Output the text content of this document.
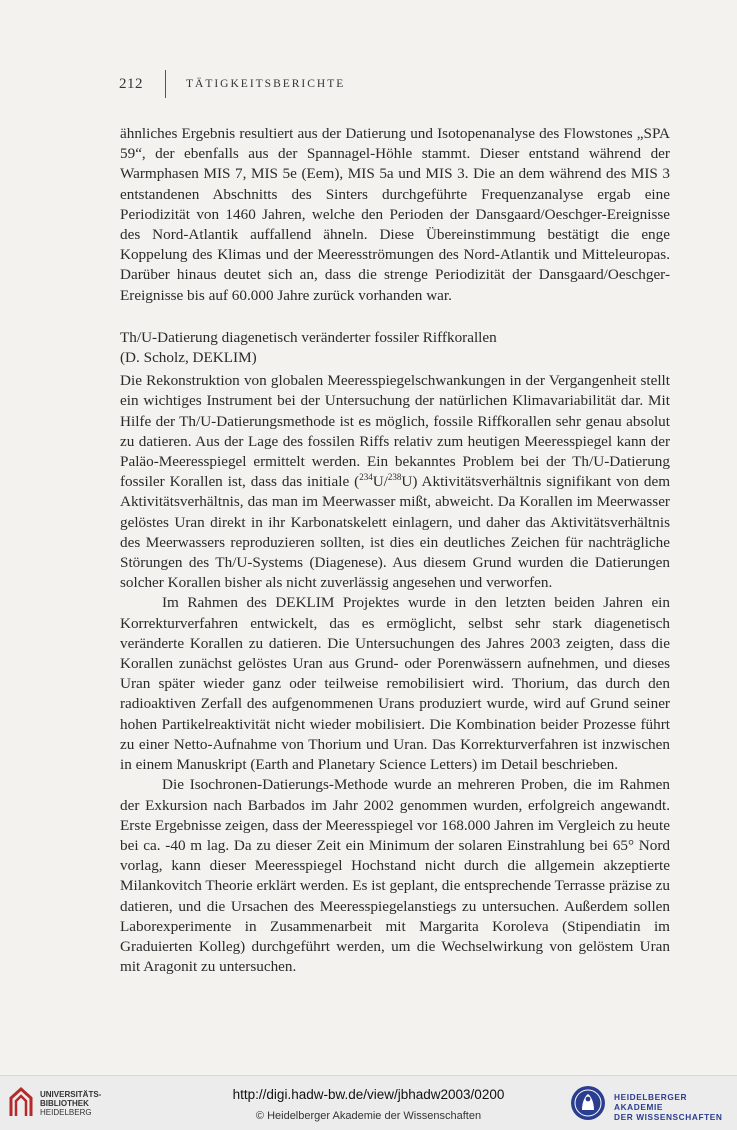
212	TÄTIGKEITSBERICHTE

ähnliches Ergebnis resultiert aus der Datierung und Isotopenanalyse des Flowstones „SPA 59“, der ebenfalls aus der Spannagel-Höhle stammt. Dieser entstand während der Warmphasen MIS 7, MIS 5e (Eem), MIS 5a und MIS 3. Die an dem während des MIS 3 entstandenen Abschnitts des Sinters durchgeführte Frequenzanalyse ergab eine Periodizität von 1460 Jahren, welche den Perioden der Dansgaard/Oeschger-Ereignisse des Nord-Atlantik auffallend ähneln. Diese Übereinstimmung bestätigt die enge Koppelung des Klimas und der Meeresströmungen des Nord-Atlantik und Mitteleuropas. Darüber hinaus deutet sich an, dass die strenge Periodizität der Dansgaard/Oeschger-Ereignisse bis auf 60.000 Jahre zurück vorhanden war.

Th/U-Datierung diagenetisch veränderter fossiler Riffkorallen

(D. Scholz, DEKLIM)

Die Rekonstruktion von globalen Meeresspiegelschwankungen in der Vergangenheit stellt ein wichtiges Instrument bei der Untersuchung der natürlichen Klimavariabilität dar. Mit Hilfe der Th/U-Datierungsmethode ist es möglich, fossile Riffkorallen sehr genau absolut zu datieren. Aus der Lage des fossilen Riffs relativ zum heutigen Meeresspiegel kann der Paläo-Meeresspiegel ermittelt werden. Ein bekanntes Problem bei der Th/U-Datierung fossiler Korallen ist, dass das initiale ($^{234}$U/$^{238}$U) Aktivitätsverhältnis signifikant von dem Aktivitätsverhältnis, das man im Meerwasser mißt, abweicht. Da Korallen im Meerwasser gelöstes Uran direkt in ihr Karbonatskelett einlagern, und daher das Aktivitätsverhältnis des Meerwassers reproduzieren sollten, ist dies ein deutliches Zeichen für nachträgliche Störungen des Th/U-Systems (Diagenese). Aus diesem Grund wurden die Datierungen solcher Korallen bisher als nicht zuverlässig angesehen und verworfen.

Im Rahmen des DEKLIM Projektes wurde in den letzten beiden Jahren ein Korrekturverfahren entwickelt, das es ermöglicht, selbst sehr stark diagenetisch veränderte Korallen zu datieren. Die Untersuchungen des Jahres 2003 zeigten, dass die Korallen zunächst gelöstes Uran aus Grund- oder Porenwässern aufnehmen, und dieses Uran später wieder ganz oder teilweise remobilisiert wird. Thorium, das durch den radioaktiven Zerfall des aufgenommenen Urans produziert wurde, wird auf Grund seiner hohen Partikelreaktivität nicht wieder mobilisiert. Die Kombination beider Prozesse führt zu einer Netto-Aufnahme von Thorium und Uran. Das Korrekturverfahren ist inzwischen in einem Manuskript (Earth and Planetary Science Letters) im Detail beschrieben.

Die Isochronen-Datierungs-Methode wurde an mehreren Proben, die im Rahmen der Exkursion nach Barbados im Jahr 2002 genommen wurden, erfolgreich angewandt. Erste Ergebnisse zeigen, dass der Meeresspiegel vor 168.000 Jahren im Vergleich zu heute bei ca. -40 m lag. Da zu dieser Zeit ein Minimum der solaren Einstrahlung bei 65° Nord vorlag, kann dieser Meeresspiegel Hochstand nicht durch die allgemein akzeptierte Milankovitch Theorie erklärt werden. Es ist geplant, die entsprechende Terrasse präzise zu datieren, und die Ursachen des Meeresspiegelanstiegs zu untersuchen. Außerdem sollen Laborexperimente in Zusammenarbeit mit Margarita Koroleva (Stipendiatin im Graduierten Kolleg) durchgeführt werden, um die Wechselwirkung von gelöstem Uran mit Aragonit zu untersuchen.

UNIVERSITÄTS-
BIBLIOTHEK
HEIDELBERG
http://digi.hadw-bw.de/view/jbhadw2003/0200
© Heidelberger Akademie der Wissenschaften
HEIDELBERGER AKADEMIE
DER WISSENSCHAFTEN
